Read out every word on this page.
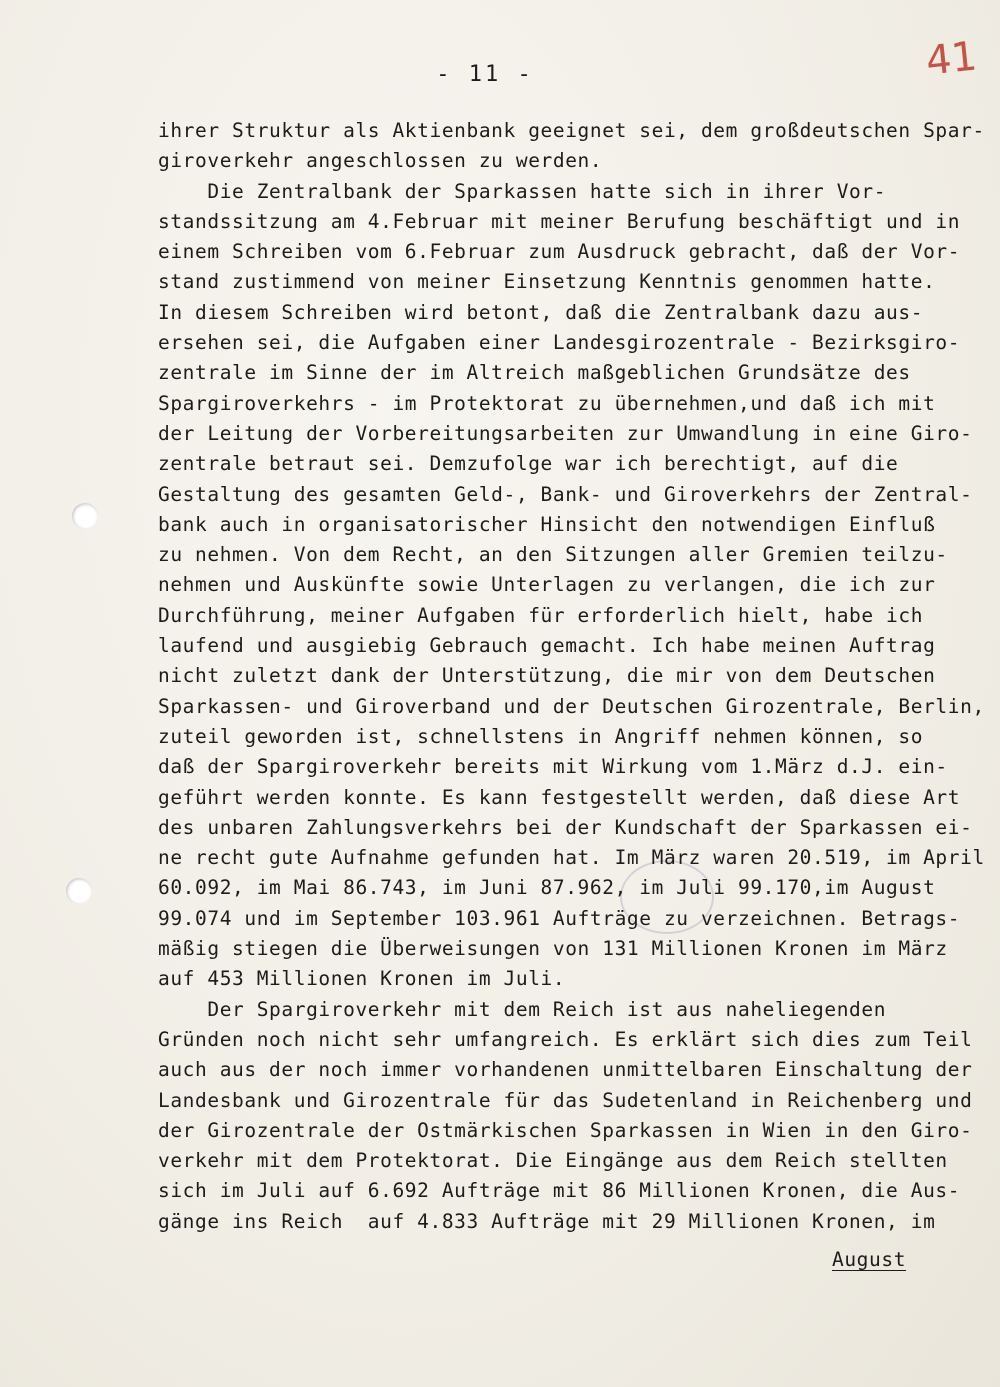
- 11 -	41
ihrer Struktur als Aktienbank geeignet sei, dem großdeutschen Spar-
giroverkehr angeschlossen zu werden.
Die Zentralbank der Sparkassen hatte sich in ihrer Vor-
standssitzung am 4.Februar mit meiner Berufung beschäftigt und in
einem Schreiben vom 6.Februar zum Ausdruck gebracht, daß der Vor-
stand zustimmend von meiner Einsetzung Kenntnis genommen hatte.
In diesem Schreiben wird betont, daß die Zentralbank dazu aus-
ersehen sei, die Aufgaben einer Landesgirozentrale - Bezirksgiro-
zentrale im Sinne der im Altreich maßgeblichen Grundsätze des
Spargiroverkehrs - im Protektorat zu übernehmen,und daß ich mit
der Leitung der Vorbereitungsarbeiten zur Umwandlung in eine Giro-
zentrale betraut sei. Demzufolge war ich berechtigt, auf die
Gestaltung des gesamten Geld-, Bank- und Giroverkehrs der Zentral-
bank auch in organisatorischer Hinsicht den notwendigen Einfluß
zu nehmen. Von dem Recht, an den Sitzungen aller Gremien teilzu-
nehmen und Auskünfte sowie Unterlagen zu verlangen, die ich zur
Durchführung, meiner Aufgaben für erforderlich hielt, habe ich
laufend und ausgiebig Gebrauch gemacht. Ich habe meinen Auftrag
nicht zuletzt dank der Unterstützung, die mir von dem Deutschen
Sparkassen- und Giroverband und der Deutschen Girozentrale, Berlin,
zuteil geworden ist, schnellstens in Angriff nehmen können, so
daß der Spargiroverkehr bereits mit Wirkung vom 1.März d.J. ein-
geführt werden konnte. Es kann festgestellt werden, daß diese Art
des unbaren Zahlungsverkehrs bei der Kundschaft der Sparkassen ei-
ne recht gute Aufnahme gefunden hat. Im März waren 20.519, im April
60.092, im Mai 86.743, im Juni 87.962, im Juli 99.170,im August
99.074 und im September 103.961 Aufträge zu verzeichnen. Betrags-
mäßig stiegen die Überweisungen von 131 Millionen Kronen im März
auf 453 Millionen Kronen im Juli.
Der Spargiroverkehr mit dem Reich ist aus naheliegenden
Gründen noch nicht sehr umfangreich. Es erklärt sich dies zum Teil
auch aus der noch immer vorhandenen unmittelbaren Einschaltung der
Landesbank und Girozentrale für das Sudetenland in Reichenberg und
der Girozentrale der Ostmärkischen Sparkassen in Wien in den Giro-
verkehr mit dem Protektorat. Die Eingänge aus dem Reich stellten
sich im Juli auf 6.692 Aufträge mit 86 Millionen Kronen, die Aus-
gänge ins Reich  auf 4.833 Aufträge mit 29 Millionen Kronen, im
August
